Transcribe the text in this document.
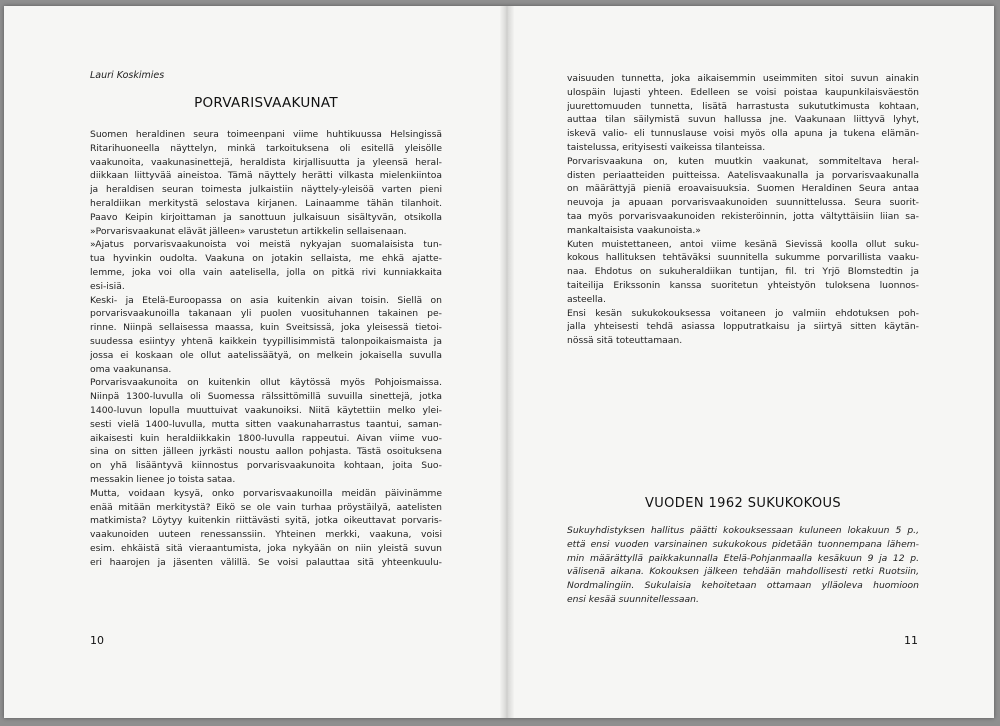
Lauri Koskimies
PORVARISVAAKUNAT
Suomen heraldinen seura toimeenpani viime huhtikuussa Helsingissä
Ritarihuoneella näyttelyn, minkä tarkoituksena oli esitellä yleisölle
vaakunoita, vaakunasinettejä, heraldista kirjallisuutta ja yleensä heral-
diikkaan liittyvää aineistoa. Tämä näyttely herätti vilkasta mielenkiintoa
ja heraldisen seuran toimesta julkaistiin näyttely-yleisöä varten pieni
heraldiikan merkitystä selostava kirjanen. Lainaamme tähän tilanhoit.
Paavo Keipin kirjoittaman ja sanottuun julkaisuun sisältyvän, otsikolla
»Porvarisvaakunat elävät jälleen» varustetun artikkelin sellaisenaan.
»Ajatus porvarisvaakunoista voi meistä nykyajan suomalaisista tun-
tua hyvinkin oudolta. Vaakuna on jotakin sellaista, me ehkä ajatte-
lemme, joka voi olla vain aatelisella, jolla on pitkä rivi kunniakkaita
esi-isiä.
Keski- ja Etelä-Euroopassa on asia kuitenkin aivan toisin. Siellä on
porvarisvaakunoilla takanaan yli puolen vuosituhannen takainen pe-
rinne. Niinpä sellaisessa maassa, kuin Sveitsissä, joka yleisessä tietoi-
suudessa esiintyy yhtenä kaikkein tyypillisimmistä talonpoikaismaista ja
jossa ei koskaan ole ollut aatelissäätyä, on melkein jokaisella suvulla
oma vaakunansa.
Porvarisvaakunoita on kuitenkin ollut käytössä myös Pohjoismaissa.
Niinpä 1300-luvulla oli Suomessa rälssittömillä suvuilla sinettejä, jotka
1400-luvun lopulla muuttuivat vaakunoiksi. Niitä käytettiin melko ylei-
sesti vielä 1400-luvulla, mutta sitten vaakunaharrastus taantui, saman-
aikaisesti kuin heraldiikkakin 1800-luvulla rappeutui. Aivan viime vuo-
sina on sitten jälleen jyrkästi noustu aallon pohjasta. Tästä osoituksena
on yhä lisääntyvä kiinnostus porvarisvaakunoita kohtaan, joita Suo-
messakin lienee jo toista sataa.
Mutta, voidaan kysyä, onko porvarisvaakunoilla meidän päivinämme
enää mitään merkitystä? Eikö se ole vain turhaa pröystäilyä, aatelisten
matkimista? Löytyy kuitenkin riittävästi syitä, jotka oikeuttavat porvaris-
vaakunoiden uuteen renessanssiin. Yhteinen merkki, vaakuna, voisi
esim. ehkäistä sitä vieraantumista, joka nykyään on niin yleistä suvun
eri haarojen ja jäsenten välillä. Se voisi palauttaa sitä yhteenkuulu-
10
vaisuuden tunnetta, joka aikaisemmin useimmiten sitoi suvun ainakin
ulospäin lujasti yhteen. Edelleen se voisi poistaa kaupunkilaisväestön
juurettomuuden tunnetta, lisätä harrastusta sukututkimusta kohtaan,
auttaa tilan säilymistä suvun hallussa jne. Vaakunaan liittyvä lyhyt,
iskevä valio- eli tunnuslause voisi myös olla apuna ja tukena elämän-
taistelussa, erityisesti vaikeissa tilanteissa.
Porvarisvaakuna on, kuten muutkin vaakunat, sommiteltava heral-
disten periaatteiden puitteissa. Aatelisvaakunalla ja porvarisvaakunalla
on määrättyjä pieniä eroavaisuuksia. Suomen Heraldinen Seura antaa
neuvoja ja apuaan porvarisvaakunoiden suunnittelussa. Seura suorit-
taa myös porvarisvaakunoiden rekisteröinnin, jotta vältyttäisiin liian sa-
mankaltaisista vaakunoista.»
Kuten muistettaneen, antoi viime kesänä Sievissä koolla ollut suku-
kokous hallituksen tehtäväksi suunnitella sukumme porvarillista vaaku-
naa. Ehdotus on sukuheraldiikan tuntijan, fil. tri Yrjö Blomstedtin ja
taiteilija Erikssonin kanssa suoritetun yhteistyön tuloksena luonnos-
asteella.
Ensi kesän sukukokouksessa voitaneen jo valmiin ehdotuksen poh-
jalla yhteisesti tehdä asiassa lopputratkaisu ja siirtyä sitten käytän-
nössä sitä toteuttamaan.
VUODEN 1962 SUKUKOKOUS
Sukuyhdistyksen hallitus päätti kokouksessaan kuluneen lokakuun 5 p.,
että ensi vuoden varsinainen sukukokous pidetään tuonnempana lähem-
min määrättyllä paikkakunnalla Etelä-Pohjanmaalla kesäkuun 9 ja 12 p.
välisenä aikana. Kokouksen jälkeen tehdään mahdollisesti retki Ruotsiin,
Nordmalingiin. Sukulaisia kehoitetaan ottamaan ylläoleva huomioon
ensi kesää suunnitellessaan.
11
